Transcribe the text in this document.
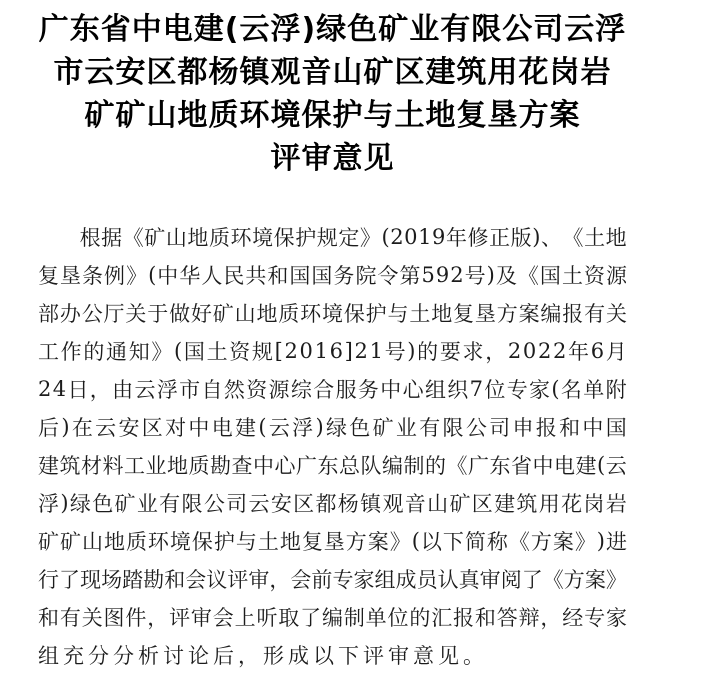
广东省中电建(云浮)绿色矿业有限公司云浮
市云安区都杨镇观音山矿区建筑用花岗岩
矿矿山地质环境保护与土地复垦方案
评审意见
根 据 《 矿 山 地 质 环 境 保 护 规 定 》 ( 2 0 1 9 年 修 正 版 ) 、 《 土 地
复 垦 条 例 》 ( 中 华 人 民 共 和 国 国 务 院 令 第 5 9 2 号 ) 及 《 国 土 资 源
部 办 公 厅 关 于 做 好 矿 山 地 质 环 境 保 护 与 土 地 复 垦 方 案 编 报 有 关
工 作 的 通 知 》 ( 国 土 资 规 [ 2 0 1 6 ] 2 1 号 ) 的 要 求 ， 2 0 2 2 年 6 月
2 4 日 ， 由 云 浮 市 自 然 资 源 综 合 服 务 中 心 组 织 7 位 专 家 ( 名 单 附
后 ) 在 云 安 区 对 中 电 建 ( 云 浮 ) 绿 色 矿 业 有 限 公 司 申 报 和 中 国
建 筑 材 料 工 业 地 质 勘 查 中 心 广 东 总 队 编 制 的 《 广 东 省 中 电 建 ( 云
浮 ) 绿 色 矿 业 有 限 公 司 云 安 区 都 杨 镇 观 音 山 矿 区 建 筑 用 花 岗 岩
矿 矿 山 地 质 环 境 保 护 与 土 地 复 垦 方 案 》 ( 以 下 简 称 《 方 案 》 ) 进
行 了 现 场 踏 勘 和 会 议 评 审 ， 会 前 专 家 组 成 员 认 真 审 阅 了 《 方 案 》
和 有 关 图 件 ， 评 审 会 上 听 取 了 编 制 单 位 的 汇 报 和 答 辩 ， 经 专 家
组 充 分 分 析 讨 论 后 ， 形 成 以 下 评 审 意 见 。
